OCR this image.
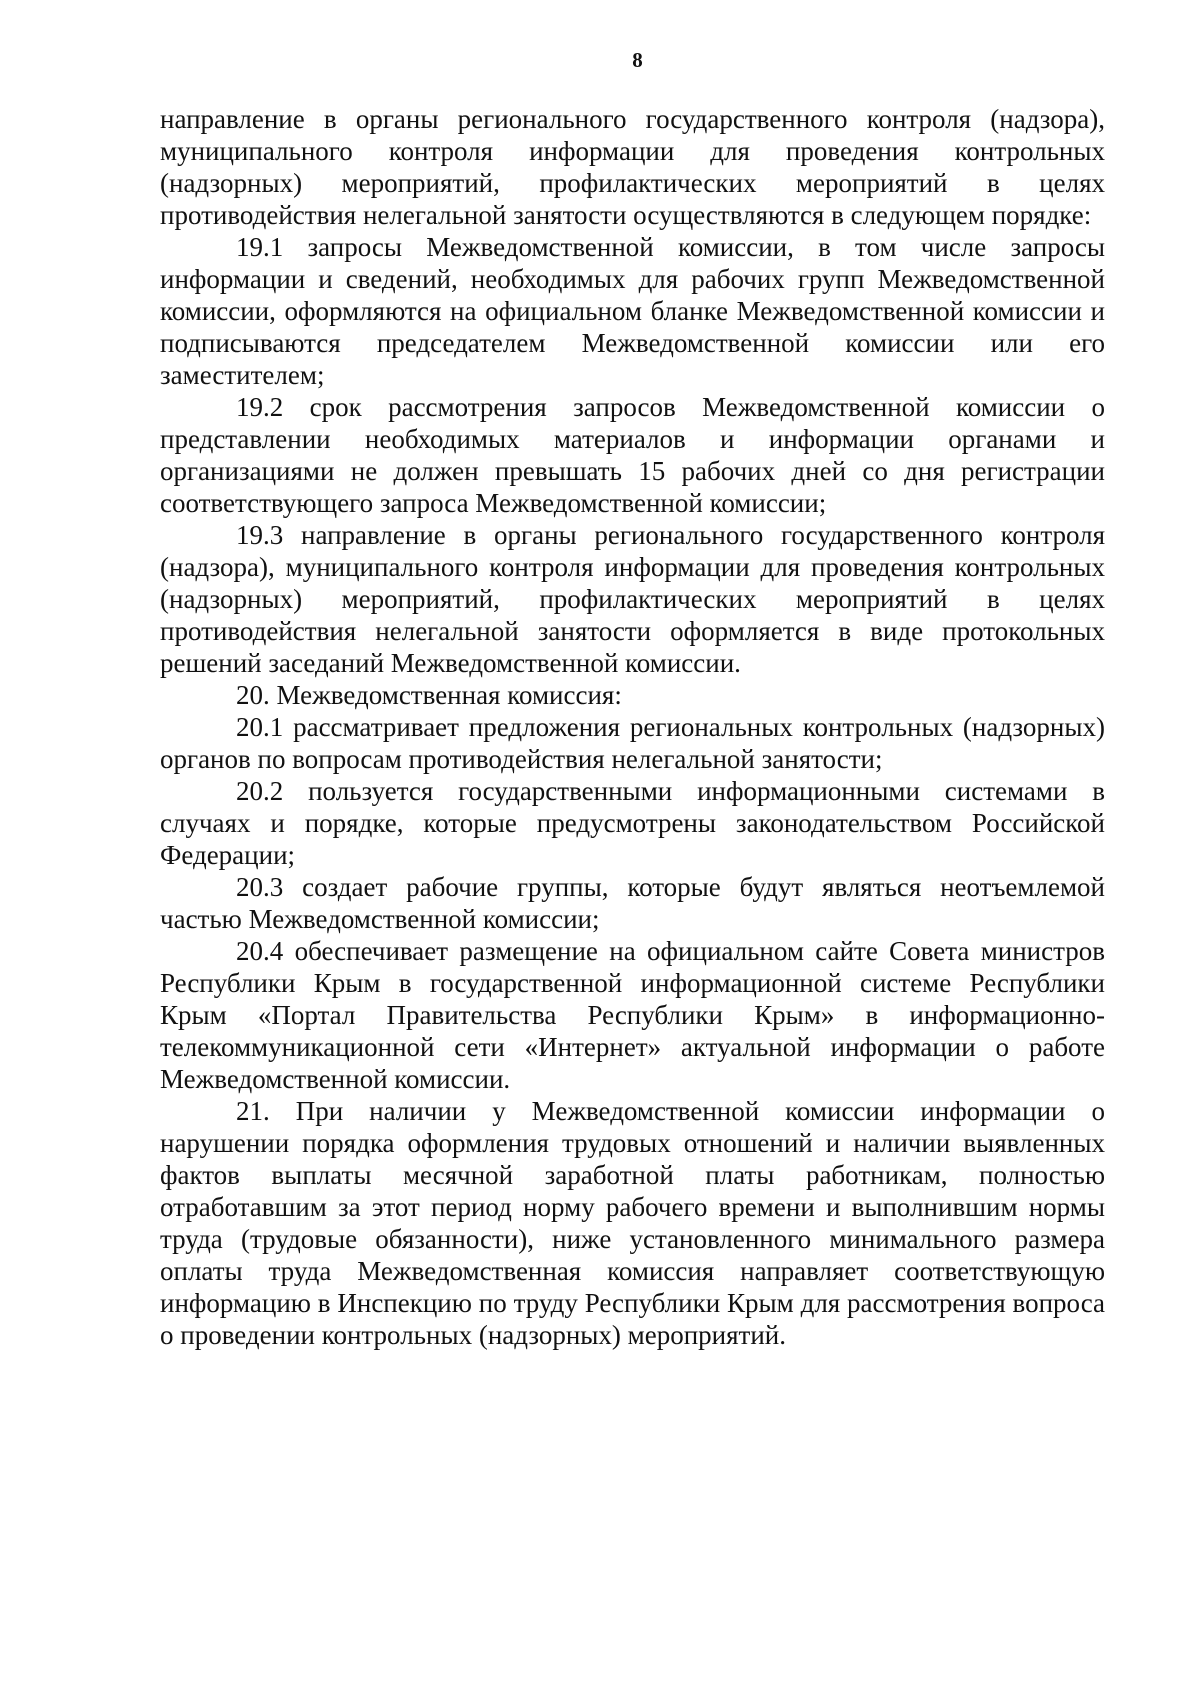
8

направление в органы регионального государственного контроля (надзора), муниципального контроля информации для проведения контрольных (надзорных) мероприятий, профилактических мероприятий в целях противодействия нелегальной занятости осуществляются в следующем порядке:

19.1 запросы Межведомственной комиссии, в том числе запросы информации и сведений, необходимых для рабочих групп Межведомственной комиссии, оформляются на официальном бланке Межведомственной комиссии и подписываются председателем Межведомственной комиссии или его заместителем;

19.2 срок рассмотрения запросов Межведомственной комиссии о представлении необходимых материалов и информации органами и организациями не должен превышать 15 рабочих дней со дня регистрации соответствующего запроса Межведомственной комиссии;

19.3 направление в органы регионального государственного контроля (надзора), муниципального контроля информации для проведения контрольных (надзорных) мероприятий, профилактических мероприятий в целях противодействия нелегальной занятости оформляется в виде протокольных решений заседаний Межведомственной комиссии.

20. Межведомственная комиссия:

20.1 рассматривает предложения региональных контрольных (надзорных) органов по вопросам противодействия нелегальной занятости;

20.2 пользуется государственными информационными системами в случаях и порядке, которые предусмотрены законодательством Российской Федерации;

20.3 создает рабочие группы, которые будут являться неотъемлемой частью Межведомственной комиссии;

20.4 обеспечивает размещение на официальном сайте Совета министров Республики Крым в государственной информационной системе Республики Крым «Портал Правительства Республики Крым» в информационно-телекоммуникационной сети «Интернет» актуальной информации о работе Межведомственной комиссии.

21. При наличии у Межведомственной комиссии информации о нарушении порядка оформления трудовых отношений и наличии выявленных фактов выплаты месячной заработной платы работникам, полностью отработавшим за этот период норму рабочего времени и выполнившим нормы труда (трудовые обязанности), ниже установленного минимального размера оплаты труда Межведомственная комиссия направляет соответствующую информацию в Инспекцию по труду Республики Крым для рассмотрения вопроса о проведении контрольных (надзорных) мероприятий.
